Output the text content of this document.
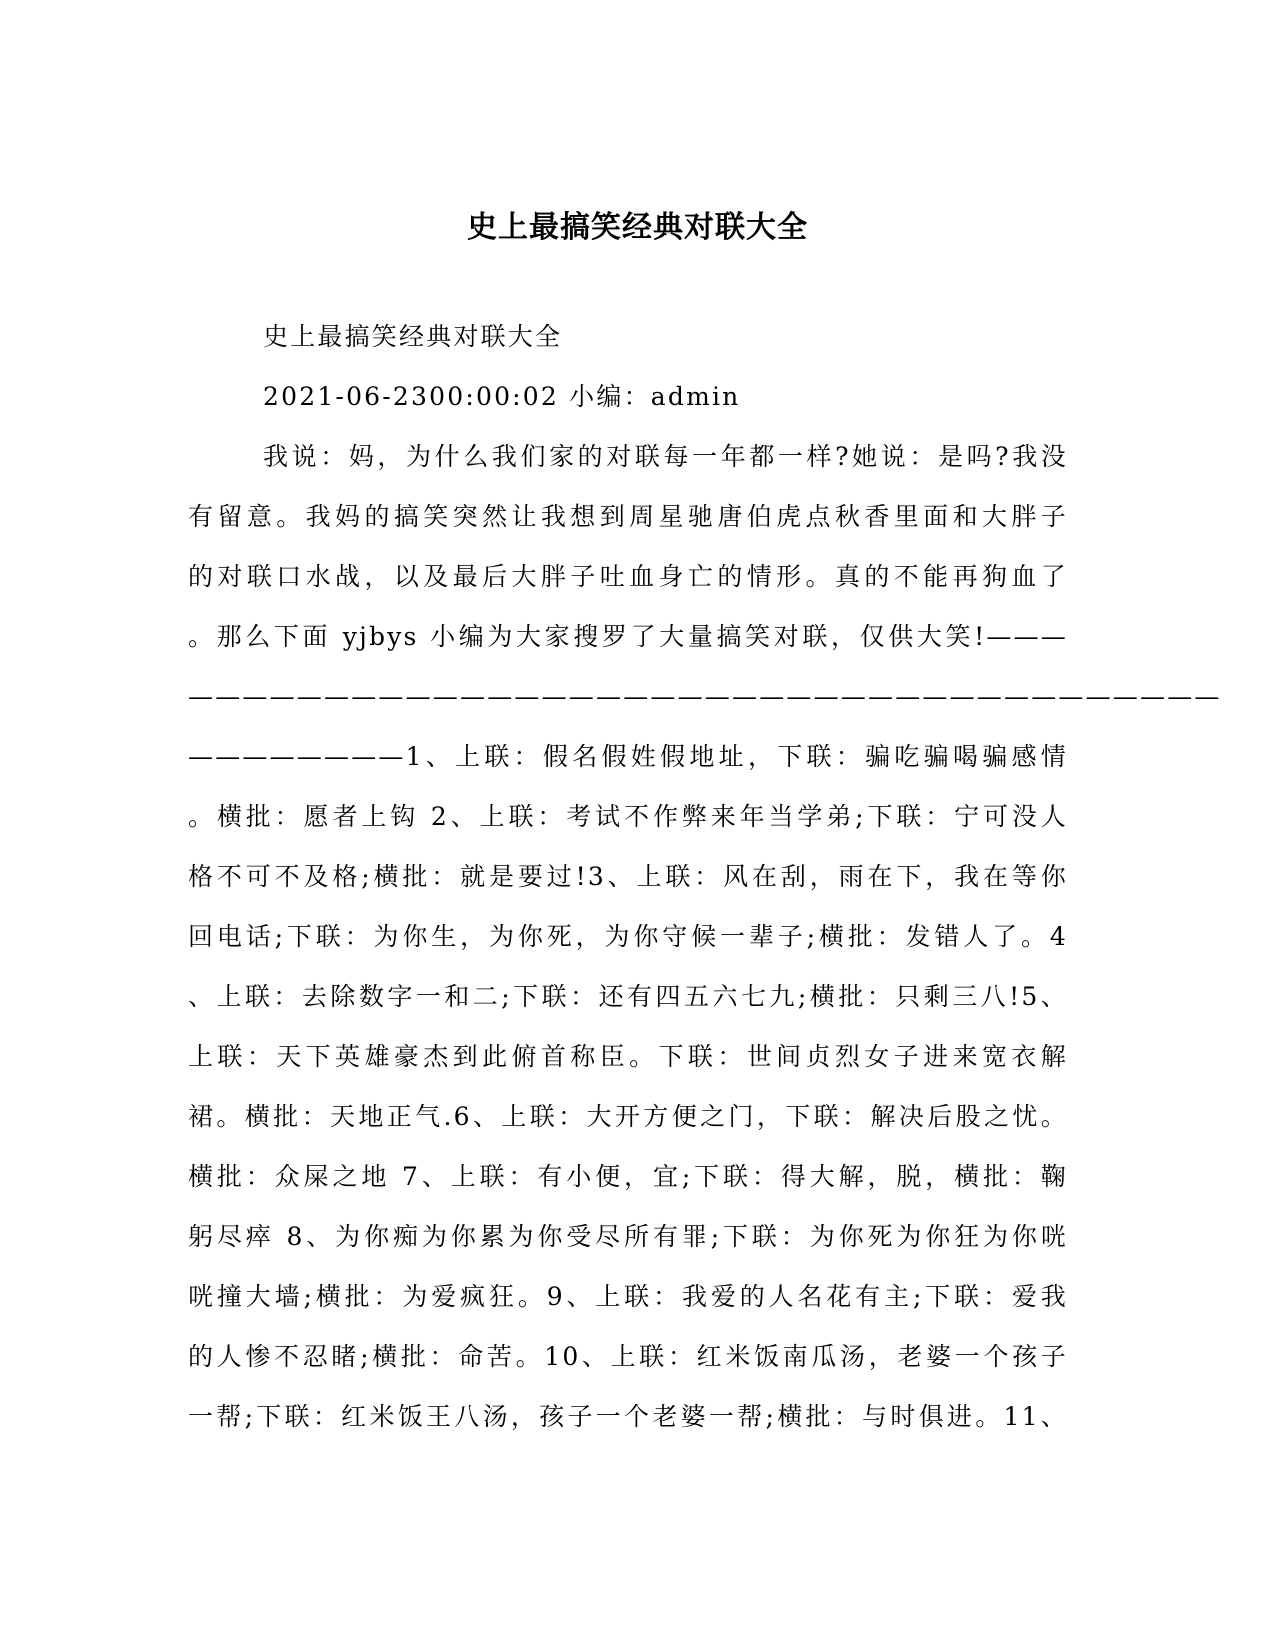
史上最搞笑经典对联大全
史上最搞笑经典对联大全
2021-06-2300:00:02 小编：admin
我说：妈，为什么我们家的对联每一年都一样?她说：是吗?我没
有留意。我妈的搞笑突然让我想到周星驰唐伯虎点秋香里面和大胖子
的对联口水战，以及最后大胖子吐血身亡的情形。真的不能再狗血了
。那么下面 yjbys 小编为大家搜罗了大量搞笑对联，仅供大笑!———
——————————————————————————————————————
————————1、上联：假名假姓假地址，下联：骗吃骗喝骗感情
。横批：愿者上钩 2、上联：考试不作弊来年当学弟;下联：宁可没人
格不可不及格;横批：就是要过!3、上联：风在刮，雨在下，我在等你
回电话;下联：为你生，为你死，为你守候一辈子;横批：发错人了。4
、上联：去除数字一和二;下联：还有四五六七九;横批：只剩三八!5、
上联：天下英雄豪杰到此俯首称臣。下联：世间贞烈女子进来宽衣解
裙。横批：天地正气.6、上联：大开方便之门，下联：解决后股之忧。
横批：众屎之地 7、上联：有小便，宜;下联：得大解，脱，横批：鞠
躬尽瘁 8、为你痴为你累为你受尽所有罪;下联：为你死为你狂为你咣
咣撞大墙;横批：为爱疯狂。9、上联：我爱的人名花有主;下联：爱我
的人惨不忍睹;横批：命苦。10、上联：红米饭南瓜汤，老婆一个孩子
一帮;下联：红米饭王八汤，孩子一个老婆一帮;横批：与时俱进。11、
